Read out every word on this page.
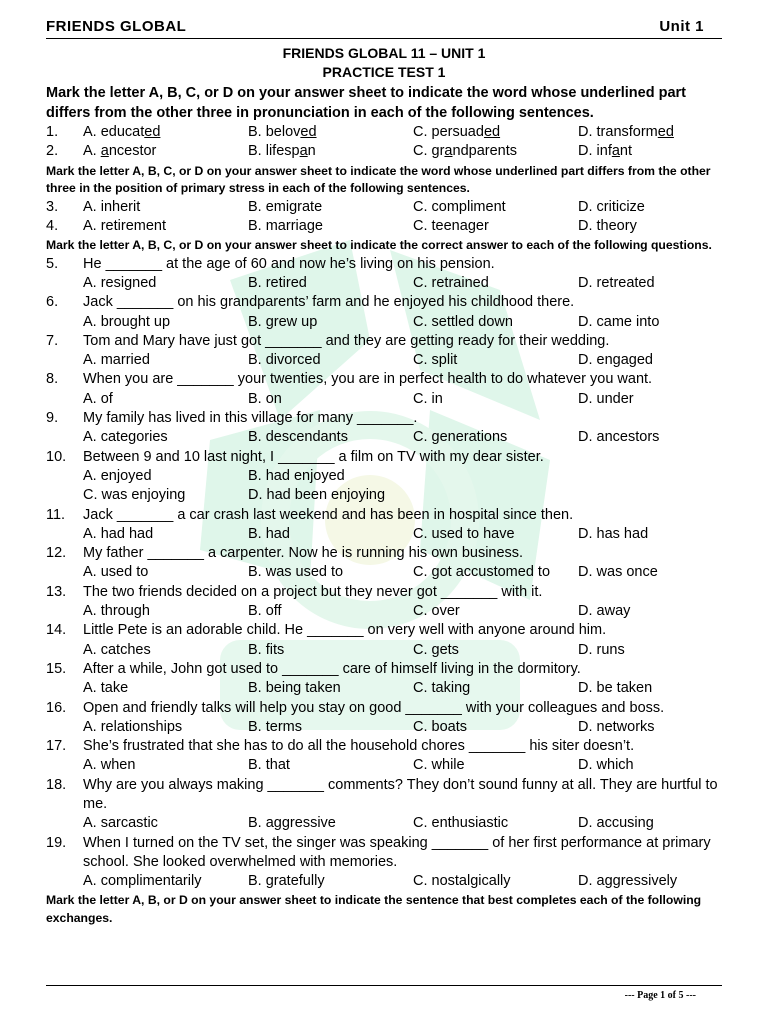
FRIENDS GLOBAL	Unit 1
FRIENDS GLOBAL 11 – UNIT 1
PRACTICE TEST 1
Mark the letter A, B, C, or D on your answer sheet to indicate the word whose underlined part differs from the other three in pronunciation in each of the following sentences.
1.	A. educated	B. beloved	C. persuaded	D. transformed
2.	A. ancestor	B. lifespan	C. grandparents	D. infant
Mark the letter A, B, C, or D on your answer sheet to indicate the word whose underlined part differs from the other three in the position of primary stress in each of the following sentences.
3.	A. inherit	B. emigrate	C. compliment	D. criticize
4.	A. retirement	B. marriage	C. teenager	D. theory
Mark the letter A, B, C, or D on your answer sheet to indicate the correct answer to each of the following questions.
5.	He _______ at the age of 60 and now he’s living on his pension.
A. resigned	B. retired	C. retrained	D. retreated
6.	Jack _______ on his grandparents’ farm and he enjoyed his childhood there.
A. brought up	B. grew up	C. settled down	D. came into
7.	Tom and Mary have just got _______ and they are getting ready for their wedding.
A. married	B. divorced	C. split	D. engaged
8.	When you are _______ your twenties, you are in perfect health to do whatever you want.
A. of	B. on	C. in	D. under
9.	My family has lived in this village for many _______.
A. categories	B. descendants	C. generations	D. ancestors
10.	Between 9 and 10 last night, I _______ a film on TV with my dear sister.
A. enjoyed	B. had enjoyed
C. was enjoying	D. had been enjoying
11.	Jack _______ a car crash last weekend and has been in hospital since then.
A. had had	B. had	C. used to have	D. has had
12.	My father _______ a carpenter. Now he is running his own business.
A. used to	B. was used to	C. got accustomed to	D. was once
13.	The two friends decided on a project but they never got _______ with it.
A. through	B. off	C. over	D. away
14.	Little Pete is an adorable child. He _______ on very well with anyone around him.
A. catches	B. fits	C. gets	D. runs
15.	After a while, John got used to _______ care of himself living in the dormitory.
A. take	B. being taken	C. taking	D. be taken
16.	Open and friendly talks will help you stay on good _______ with your colleagues and boss.
A. relationships	B. terms	C. boats	D. networks
17.	She’s frustrated that she has to do all the household chores _______ his siter doesn’t.
A. when	B. that	C. while	D. which
18.	Why are you always making _______ comments? They don’t sound funny at all. They are hurtful to me.
A. sarcastic	B. aggressive	C. enthusiastic	D. accusing
19.	When I turned on the TV set, the singer was speaking _______ of her first performance at primary school. She looked overwhelmed with memories.
A. complimentarily	B. gratefully	C. nostalgically	D. aggressively
Mark the letter A, B, or D on your answer sheet to indicate the sentence that best completes each of the following exchanges.
--- Page 1 of 5 ---
